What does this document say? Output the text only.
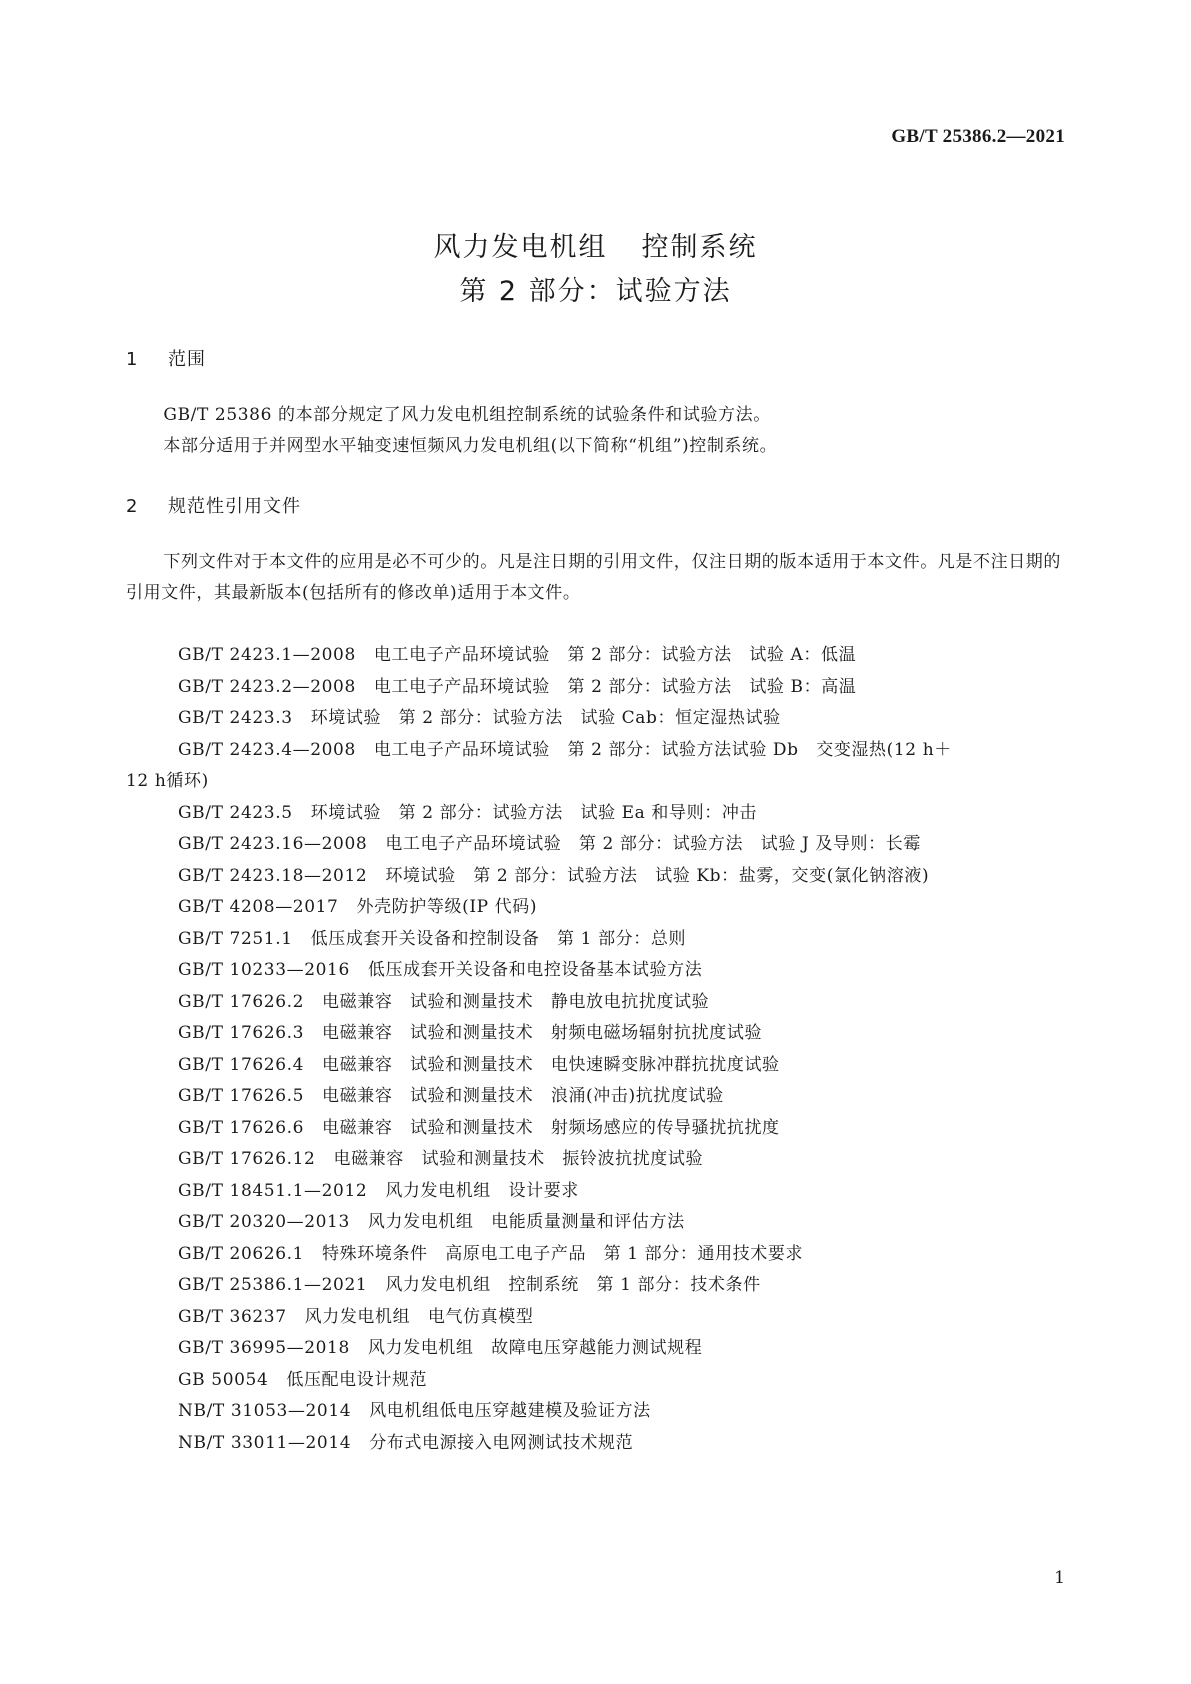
GB/T 25386.2—2021
风力发电机组 控制系统
第 2 部分：试验方法
1 范围

GB/T 25386 的本部分规定了风力发电机组控制系统的试验条件和试验方法。

本部分适用于并网型水平轴变速恒频风力发电机组(以下简称“机组”)控制系统。

2 规范性引用文件

下列文件对于本文件的应用是必不可少的。凡是注日期的引用文件，仅注日期的版本适用于本文件。凡是不注日期的引用文件，其最新版本(包括所有的修改单)适用于本文件。

GB/T 2423.1—2008 电工电子产品环境试验　第 2 部分：试验方法　试验 A：低温
GB/T 2423.2—2008 电工电子产品环境试验　第 2 部分：试验方法　试验 B：高温
GB/T 2423.3 环境试验　第 2 部分：试验方法　试验 Cab：恒定湿热试验
GB/T 2423.4—2008 电工电子产品环境试验　第 2 部分：试验方法试验 Db　交变湿热(12 h＋
12 h循环)
GB/T 2423.5 环境试验　第 2 部分：试验方法　试验 Ea 和导则：冲击
GB/T 2423.16—2008 电工电子产品环境试验　第 2 部分：试验方法　试验 J 及导则：长霉
GB/T 2423.18—2012 环境试验　第 2 部分：试验方法　试验 Kb：盐雾，交变(氯化钠溶液)
GB/T 4208—2017 外壳防护等级(IP 代码)
GB/T 7251.1 低压成套开关设备和控制设备　第 1 部分：总则
GB/T 10233—2016 低压成套开关设备和电控设备基本试验方法
GB/T 17626.2 电磁兼容　试验和测量技术　静电放电抗扰度试验
GB/T 17626.3 电磁兼容　试验和测量技术　射频电磁场辐射抗扰度试验
GB/T 17626.4 电磁兼容　试验和测量技术　电快速瞬变脉冲群抗扰度试验
GB/T 17626.5 电磁兼容　试验和测量技术　浪涌(冲击)抗扰度试验
GB/T 17626.6 电磁兼容　试验和测量技术　射频场感应的传导骚扰抗扰度
GB/T 17626.12 电磁兼容　试验和测量技术　振铃波抗扰度试验
GB/T 18451.1—2012 风力发电机组　设计要求
GB/T 20320—2013 风力发电机组　电能质量测量和评估方法
GB/T 20626.1 特殊环境条件　高原电工电子产品　第 1 部分：通用技术要求
GB/T 25386.1—2021 风力发电机组　控制系统　第 1 部分：技术条件
GB/T 36237 风力发电机组　电气仿真模型
GB/T 36995—2018 风力发电机组　故障电压穿越能力测试规程
GB 50054 低压配电设计规范
NB/T 31053—2014 风电机组低电压穿越建模及验证方法
NB/T 33011—2014 分布式电源接入电网测试技术规范
1
